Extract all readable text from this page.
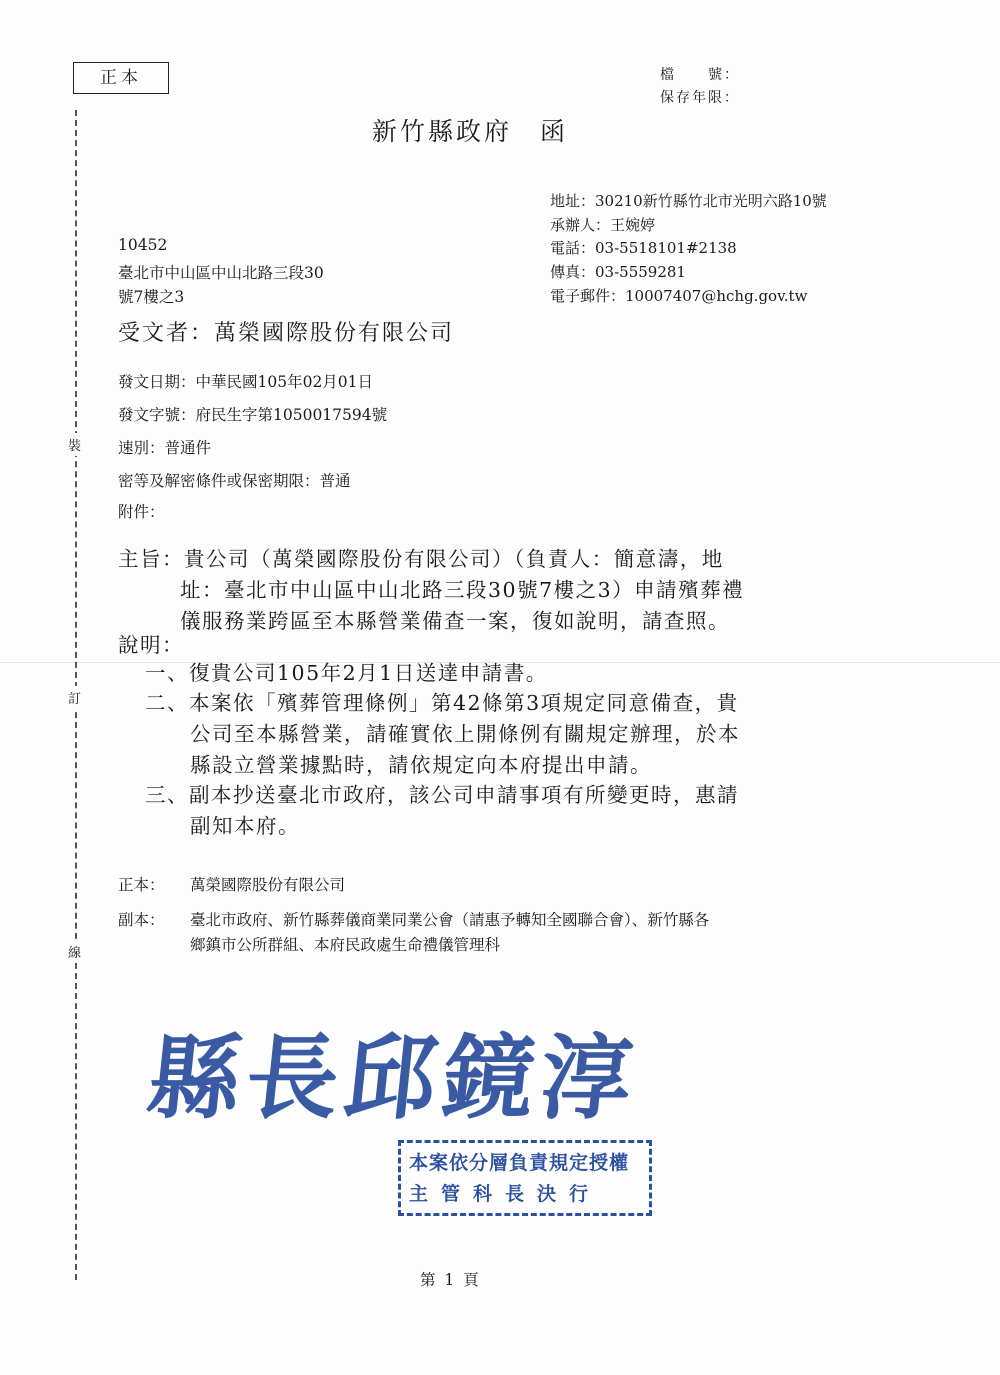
裝
訂
線
正本	檔　　號：
保存年限：
新竹縣政府　函
地址：30210新竹縣竹北市光明六路10號
承辦人：王婉婷
電話：03-5518101#2138
傳真：03-5559281
電子郵件：10007407@hchg.gov.tw
10452
臺北市中山區中山北路三段30
號7樓之3
受文者：萬榮國際股份有限公司
發文日期：中華民國105年02月01日
發文字號：府民生字第1050017594號
速別：普通件
密等及解密條件或保密期限：普通
附件：
主旨：貴公司（萬榮國際股份有限公司）（負責人：簡意濤，地
址：臺北市中山區中山北路三段30號7樓之3）申請殯葬禮
儀服務業跨區至本縣營業備查一案，復如說明，請查照。
說明：
一、復貴公司105年2月1日送達申請書。
二、本案依「殯葬管理條例」第42條第3項規定同意備查，貴
公司至本縣營業，請確實依上開條例有關規定辦理，於本
縣設立營業據點時，請依規定向本府提出申請。
三、副本抄送臺北市政府，該公司申請事項有所變更時，惠請
副知本府。
正本： 萬榮國際股份有限公司
副本： 臺北市政府、新竹縣葬儀商業同業公會（請惠予轉知全國聯合會）、新竹縣各
鄉鎮市公所群組、本府民政處生命禮儀管理科
縣長邱鏡淳
本案依分層負責規定授權
主管科長決行
第 1 頁
